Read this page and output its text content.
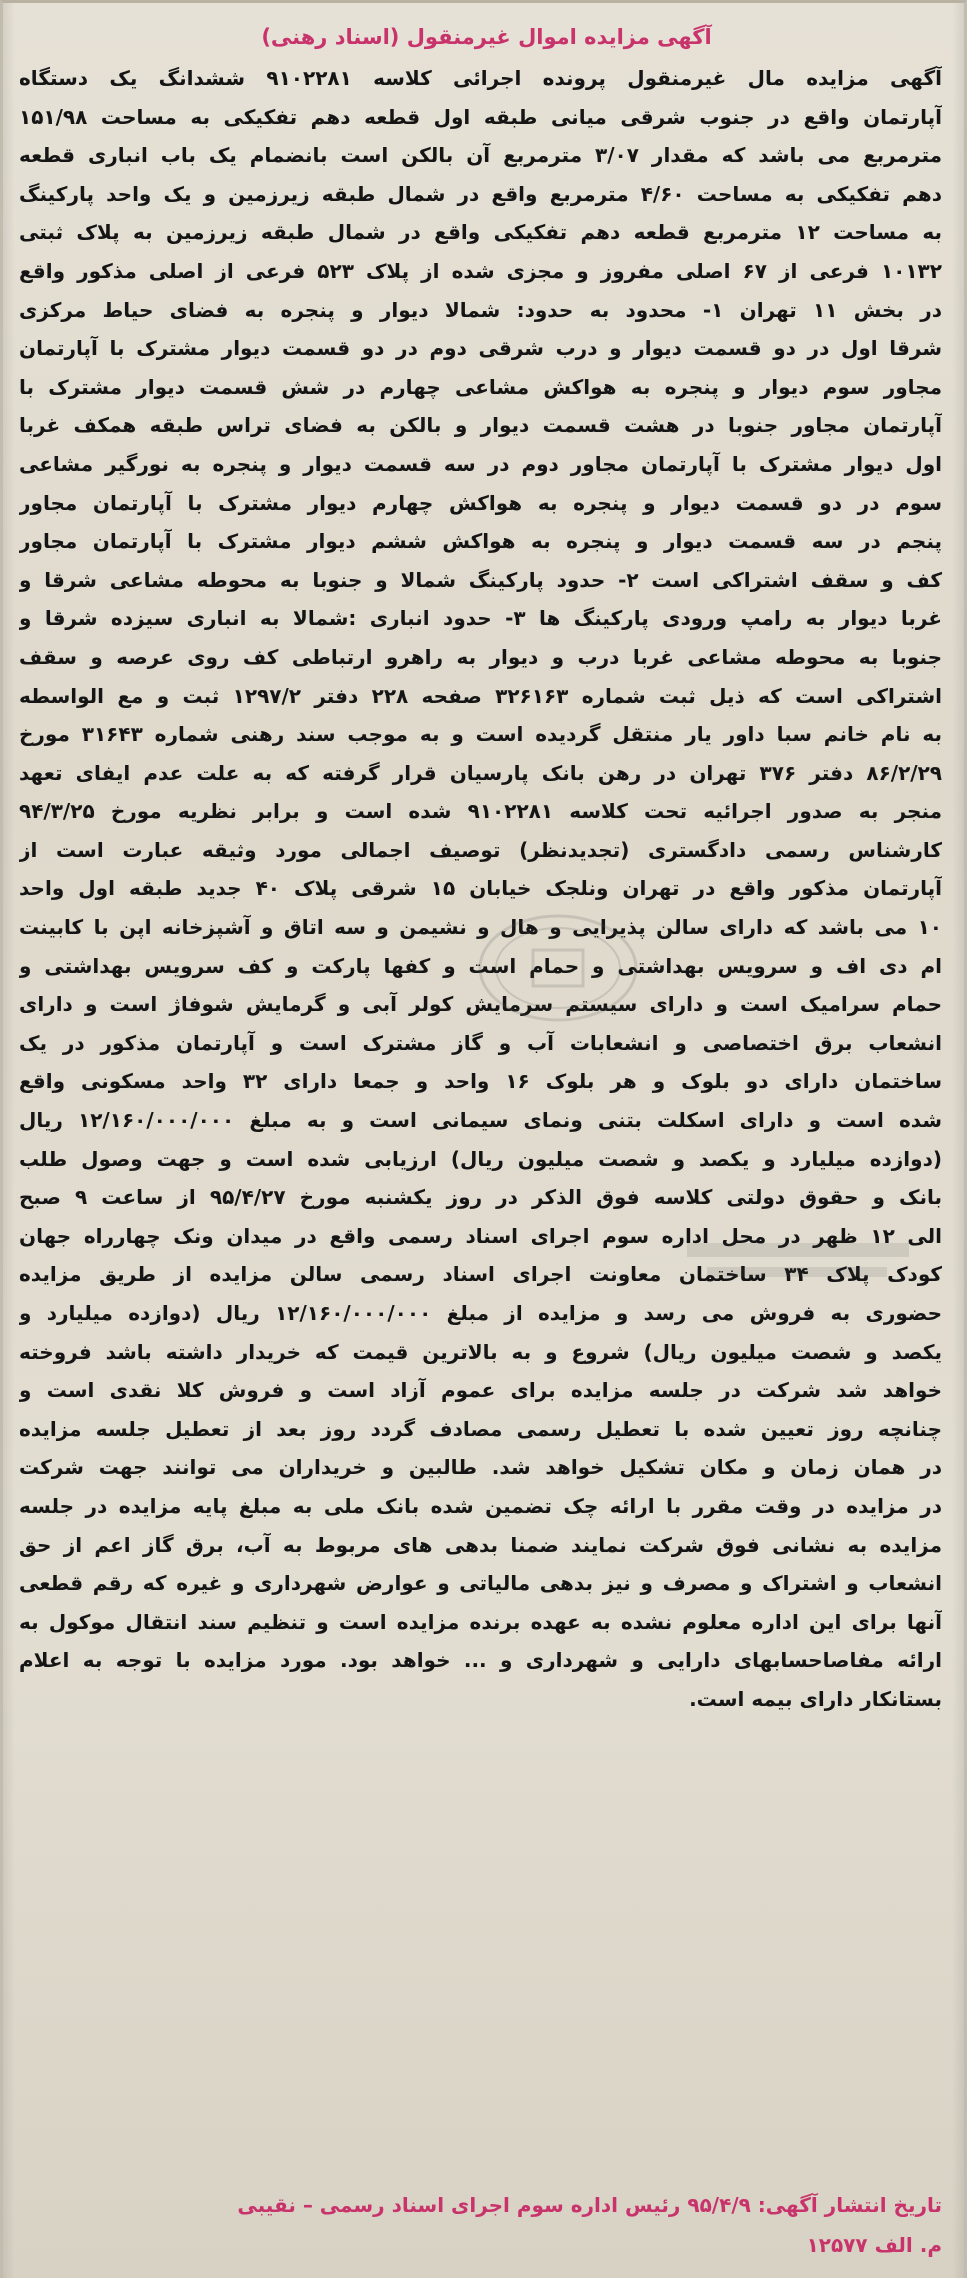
آگهی مزایده اموال غیرمنقول (اسناد رهنی)
آگهی مزایده مال غیرمنقول پرونده اجرائی کلاسه ۹۱۰۲۲۸۱ ششدانگ یک دستگاه
آپارتمان واقع در جنوب شرقی میانی طبقه اول قطعه دهم تفکیکی به مساحت ۱۵۱/۹۸
مترمربع می باشد که مقدار ۳/۰۷ مترمربع آن بالکن است بانضمام یک باب انباری قطعه
دهم تفکیکی به مساحت ۴/۶۰ مترمربع واقع در شمال طبقه زیرزمین و یک واحد پارکینگ
به مساحت ۱۲ مترمربع قطعه دهم تفکیکی واقع در شمال طبقه زیرزمین به پلاک ثبتی
۱۰۱۳۲ فرعی از ۶۷ اصلی مفروز و مجزی شده از پلاک ۵۲۳ فرعی از اصلی مذکور واقع
در بخش ۱۱ تهران ۱- محدود به حدود: شمالا دیوار و پنجره به فضای حیاط مرکزی
شرقا اول در دو قسمت دیوار و درب شرقی دوم در دو قسمت دیوار مشترک با آپارتمان
مجاور سوم دیوار و پنجره به هواکش مشاعی چهارم در شش قسمت دیوار مشترک با
آپارتمان مجاور جنوبا در هشت قسمت دیوار و بالکن به فضای تراس طبقه همکف غربا
اول دیوار مشترک با آپارتمان مجاور دوم در سه قسمت دیوار و پنجره به نورگیر مشاعی
سوم در دو قسمت دیوار و پنجره به هواکش چهارم دیوار مشترک با آپارتمان مجاور
پنجم در سه قسمت دیوار و پنجره به هواکش ششم دیوار مشترک با آپارتمان مجاور
کف و سقف اشتراکی است ۲- حدود پارکینگ شمالا و جنوبا به محوطه مشاعی شرقا و
غربا دیوار به رامپ ورودی پارکینگ ها ۳- حدود انباری :شمالا به انباری سیزده شرقا و
جنوبا به محوطه مشاعی غربا درب و دیوار به راهرو ارتباطی کف روی عرصه و سقف
اشتراکی است که ذیل ثبت شماره ۳۲۶۱۶۳ صفحه ۲۲۸ دفتر ۱۲۹۷/۲ ثبت و مع الواسطه
به نام خانم سبا داور یار منتقل گردیده است و به موجب سند رهنی شماره ۳۱۶۴۳ مورخ
۸۶/۲/۲۹ دفتر ۳۷۶ تهران در رهن بانک پارسیان قرار گرفته که به علت عدم ایفای تعهد
منجر به صدور اجرائیه تحت کلاسه ۹۱۰۲۲۸۱ شده است و برابر نظریه مورخ ۹۴/۳/۲۵
کارشناس رسمی دادگستری (تجدیدنظر) توصیف اجمالی مورد وثیقه عبارت است از
آپارتمان مذکور واقع در تهران ونلجک خیابان ۱۵ شرقی پلاک ۴۰ جدید طبقه اول واحد
۱۰ می باشد که دارای سالن پذیرایی و هال و نشیمن و سه اتاق و آشپزخانه اپن با کابینت
ام دی اف و سرویس بهداشتی و حمام است و کفها پارکت و کف سرویس بهداشتی و
حمام سرامیک است و دارای سیستم سرمایش کولر آبی و گرمایش شوفاژ است و دارای
انشعاب برق اختصاصی و انشعابات آب و گاز مشترک است و آپارتمان مذکور در یک
ساختمان دارای دو بلوک و هر بلوک ۱۶ واحد و جمعا دارای ۳۲ واحد مسکونی واقع
شده است و دارای اسکلت بتنی ونمای سیمانی است و به مبلغ ۱۲/۱۶۰/۰۰۰/۰۰۰ ریال
(دوازده میلیارد و یکصد و شصت میلیون ریال) ارزیابی شده است و جهت وصول طلب
بانک و حقوق دولتی کلاسه فوق الذکر در روز یکشنبه مورخ ۹۵/۴/۲۷ از ساعت ۹ صبح
الی ۱۲ ظهر در محل اداره سوم اجرای اسناد رسمی واقع در میدان ونک چهارراه جهان
کودک پلاک ۳۴ ساختمان معاونت اجرای اسناد رسمی سالن مزایده از طریق مزایده
حضوری به فروش می رسد و مزایده از مبلغ ۱۲/۱۶۰/۰۰۰/۰۰۰ ریال (دوازده میلیارد و
یکصد و شصت میلیون ریال) شروع و به بالاترین قیمت که خریدار داشته باشد فروخته
خواهد شد شرکت در جلسه مزایده برای عموم آزاد است و فروش کلا نقدی است و
چنانچه روز تعیین شده با تعطیل رسمی مصادف گردد روز بعد از تعطیل جلسه مزایده
در همان زمان و مکان تشکیل خواهد شد. طالبین و خریداران می توانند جهت شرکت
در مزایده در وقت مقرر با ارائه چک تضمین شده بانک ملی به مبلغ پایه مزایده در جلسه
مزایده به نشانی فوق شرکت نمایند ضمنا بدهی های مربوط به آب، برق گاز اعم از حق
انشعاب و اشتراک و مصرف و نیز بدهی مالیاتی و عوارض شهرداری و غیره که رقم قطعی
آنها برای این اداره معلوم نشده به عهده برنده مزایده است و تنظیم سند انتقال موکول به
ارائه مفاصاحسابهای دارایی و شهرداری و ... خواهد بود. مورد مزایده با توجه به اعلام
بستانکار دارای بیمه است.
تاریخ انتشار آگهی: ۹۵/۴/۹ رئیس اداره سوم اجرای اسناد رسمی – نقیبی
م. الف ۱۲۵۷۷
